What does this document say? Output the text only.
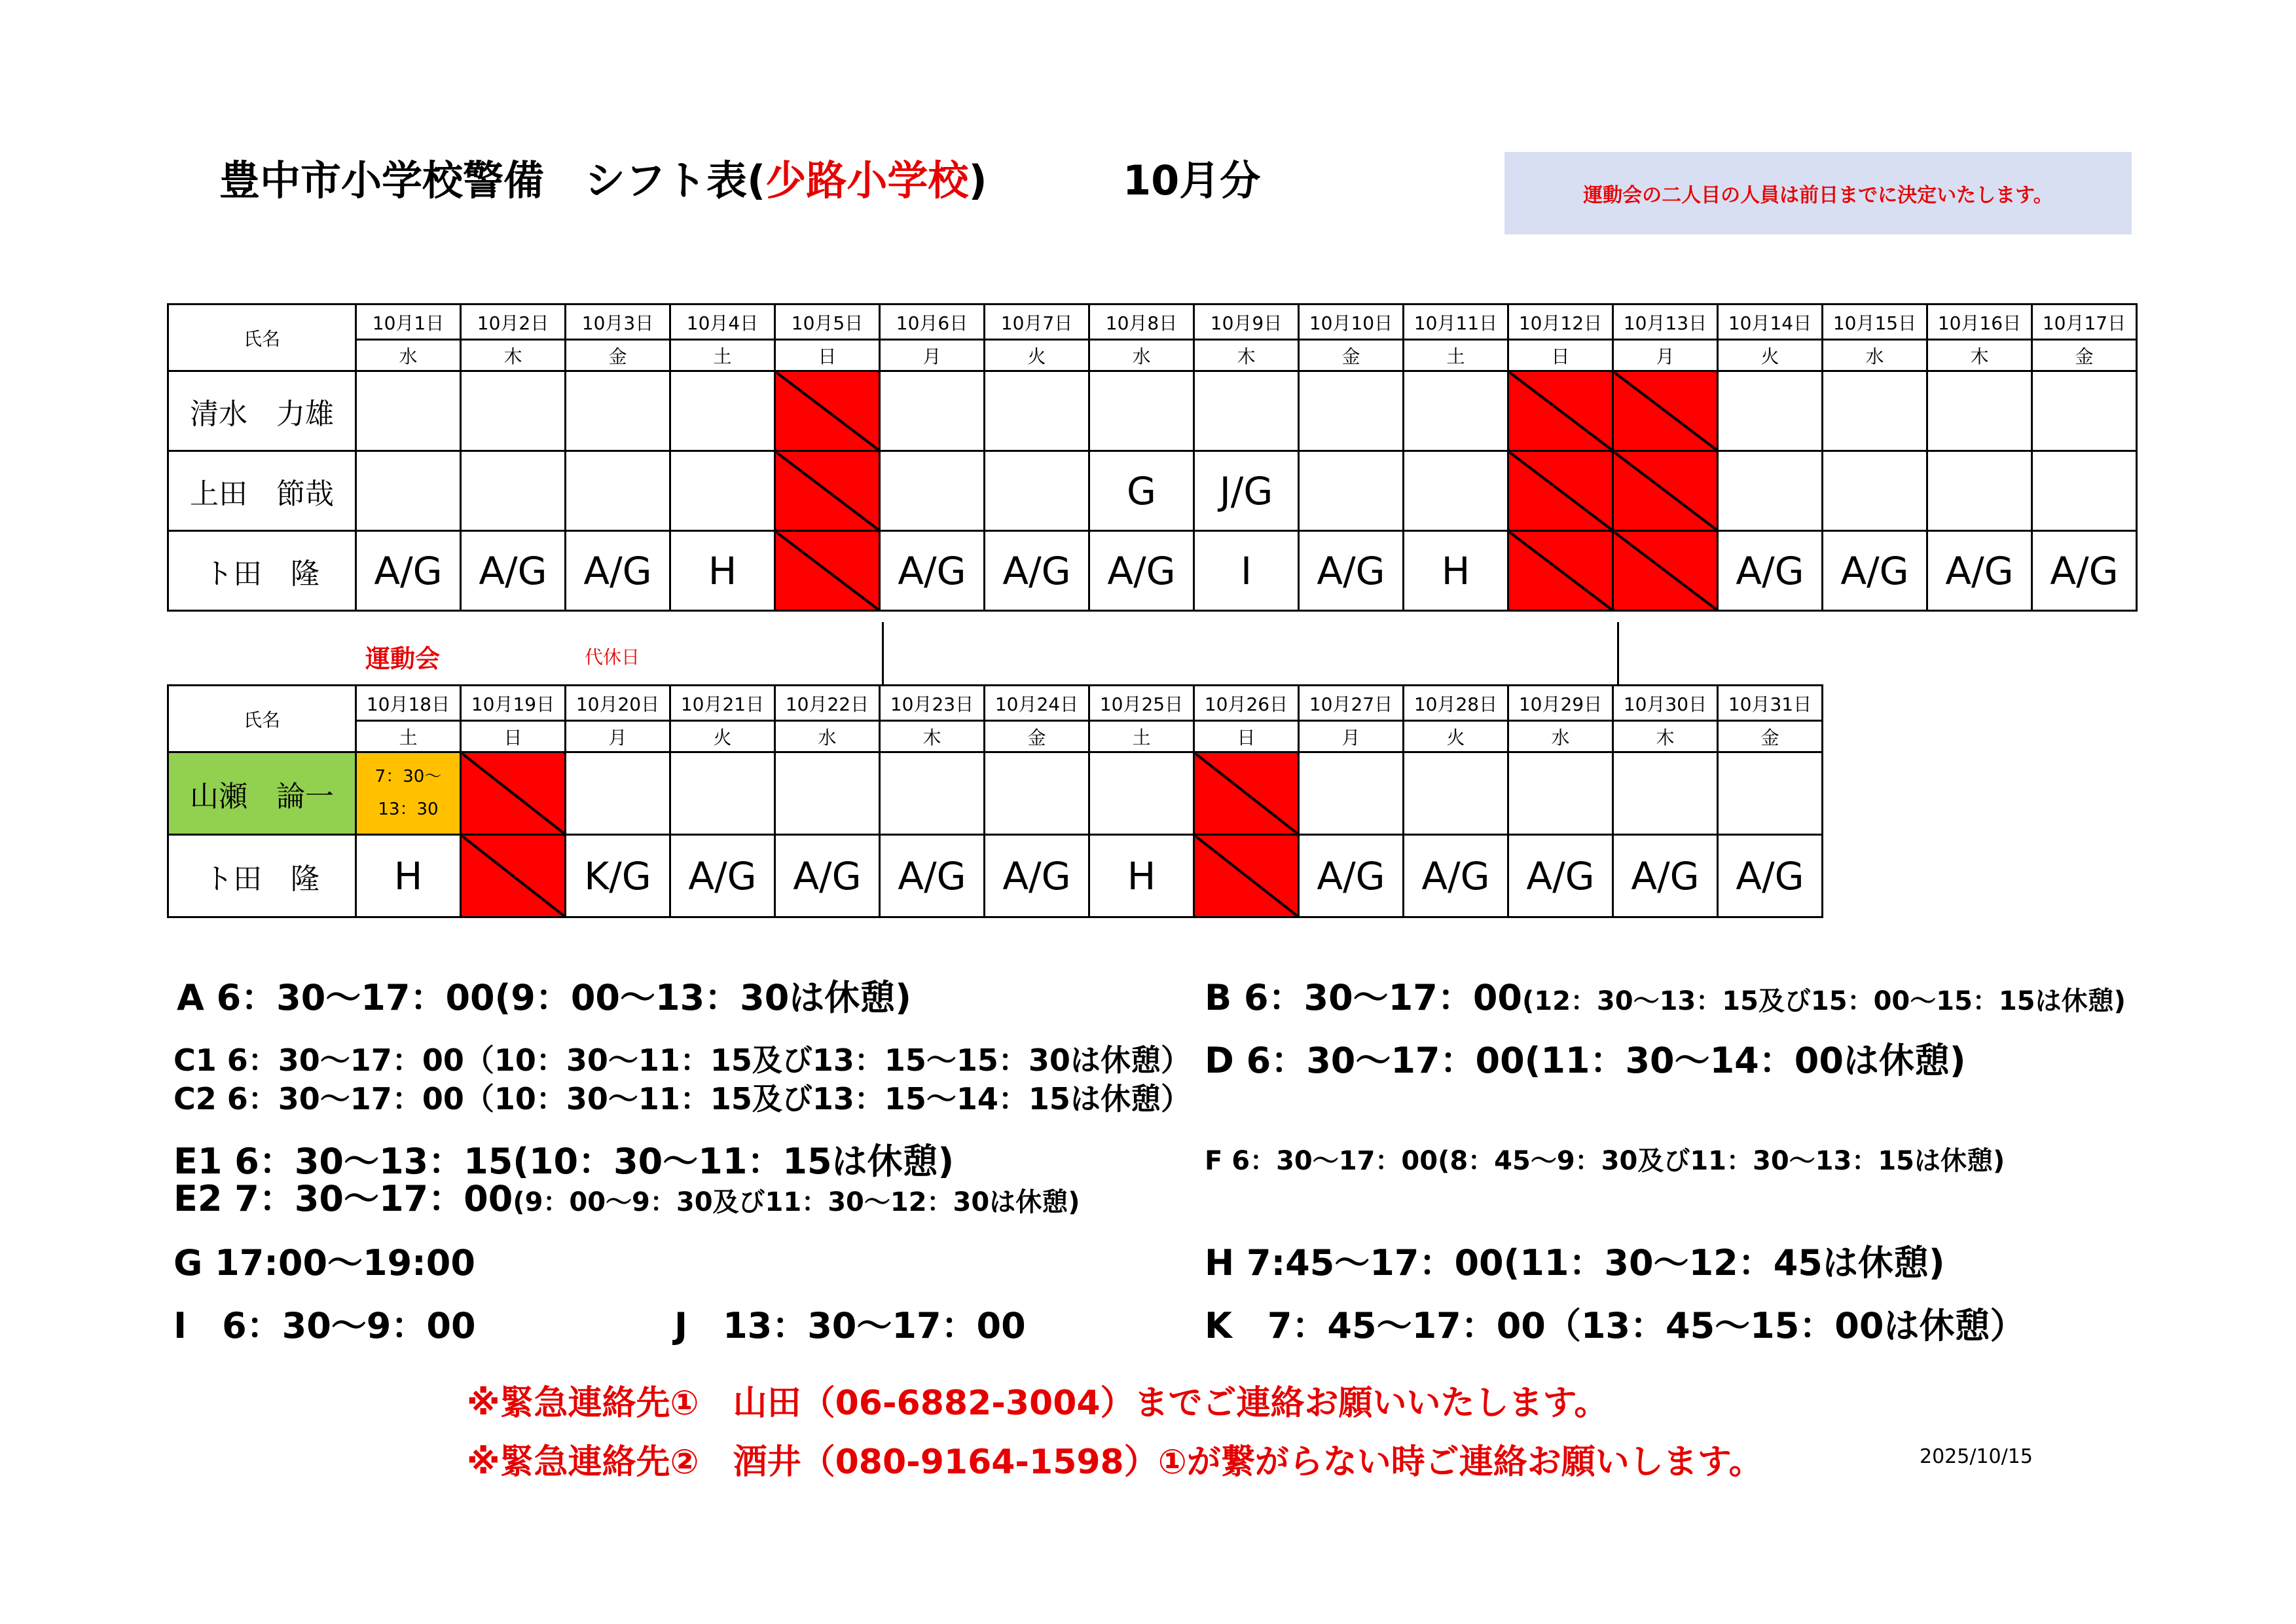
豊中市小学校警備　シフト表(少路小学校)	10月分	運動会の二人目の人員は前日までに決定いたします。
氏名	10月1日	10月2日	10月3日	10月4日	10月5日	10月6日	10月7日	10月8日	10月9日	10月10日	10月11日	10月12日	10月13日	10月14日	10月15日	10月16日	10月17日
	水	木	金	土	日	月	火	水	木	金	土	日	月	火	水	木	金
清水　力雄																	
上田　節哉								G	J/G								
ト田　隆	A/G	A/G	A/G	H		A/G	A/G	A/G	I	A/G	H			A/G	A/G	A/G	A/G
運動会	代休日
氏名	10月18日	10月19日	10月20日	10月21日	10月22日	10月23日	10月24日	10月25日	10月26日	10月27日	10月28日	10月29日	10月30日	10月31日
	土	日	月	火	水	木	金	土	日	月	火	水	木	金
山瀬　論一	7：30～
13：30													
ト田　隆	H		K/G	A/G	A/G	A/G	A/G	H		A/G	A/G	A/G	A/G	A/G
A 6：30～17：00(9：00～13：30は休憩)	B 6：30～17：00(12：30～13：15及び15：00～15：15は休憩)
C1 6：30～17：00（10：30～11：15及び13：15～15：30は休憩）
C2 6：30～17：00（10：30～11：15及び13：15～14：15は休憩）
D 6：30～17：00(11：30～14：00は休憩)
E1 6：30～13：15(10：30～11：15は休憩)
E2 7：30～17：00(9：00～9：30及び11：30～12：30は休憩)
F 6：30～17：00(8：45～9：30及び11：30～13：15は休憩)
G 17:00～19:00	H 7:45～17：00(11：30～12：45は休憩)
I　6：30～9：00	J　13：30～17：00	K　7：45～17：00（13：45～15：00は休憩）
※緊急連絡先①　山田（06-6882-3004）までご連絡お願いいたします。
※緊急連絡先②　酒井（080-9164-1598）①が繋がらない時ご連絡お願いします。	2025/10/15
